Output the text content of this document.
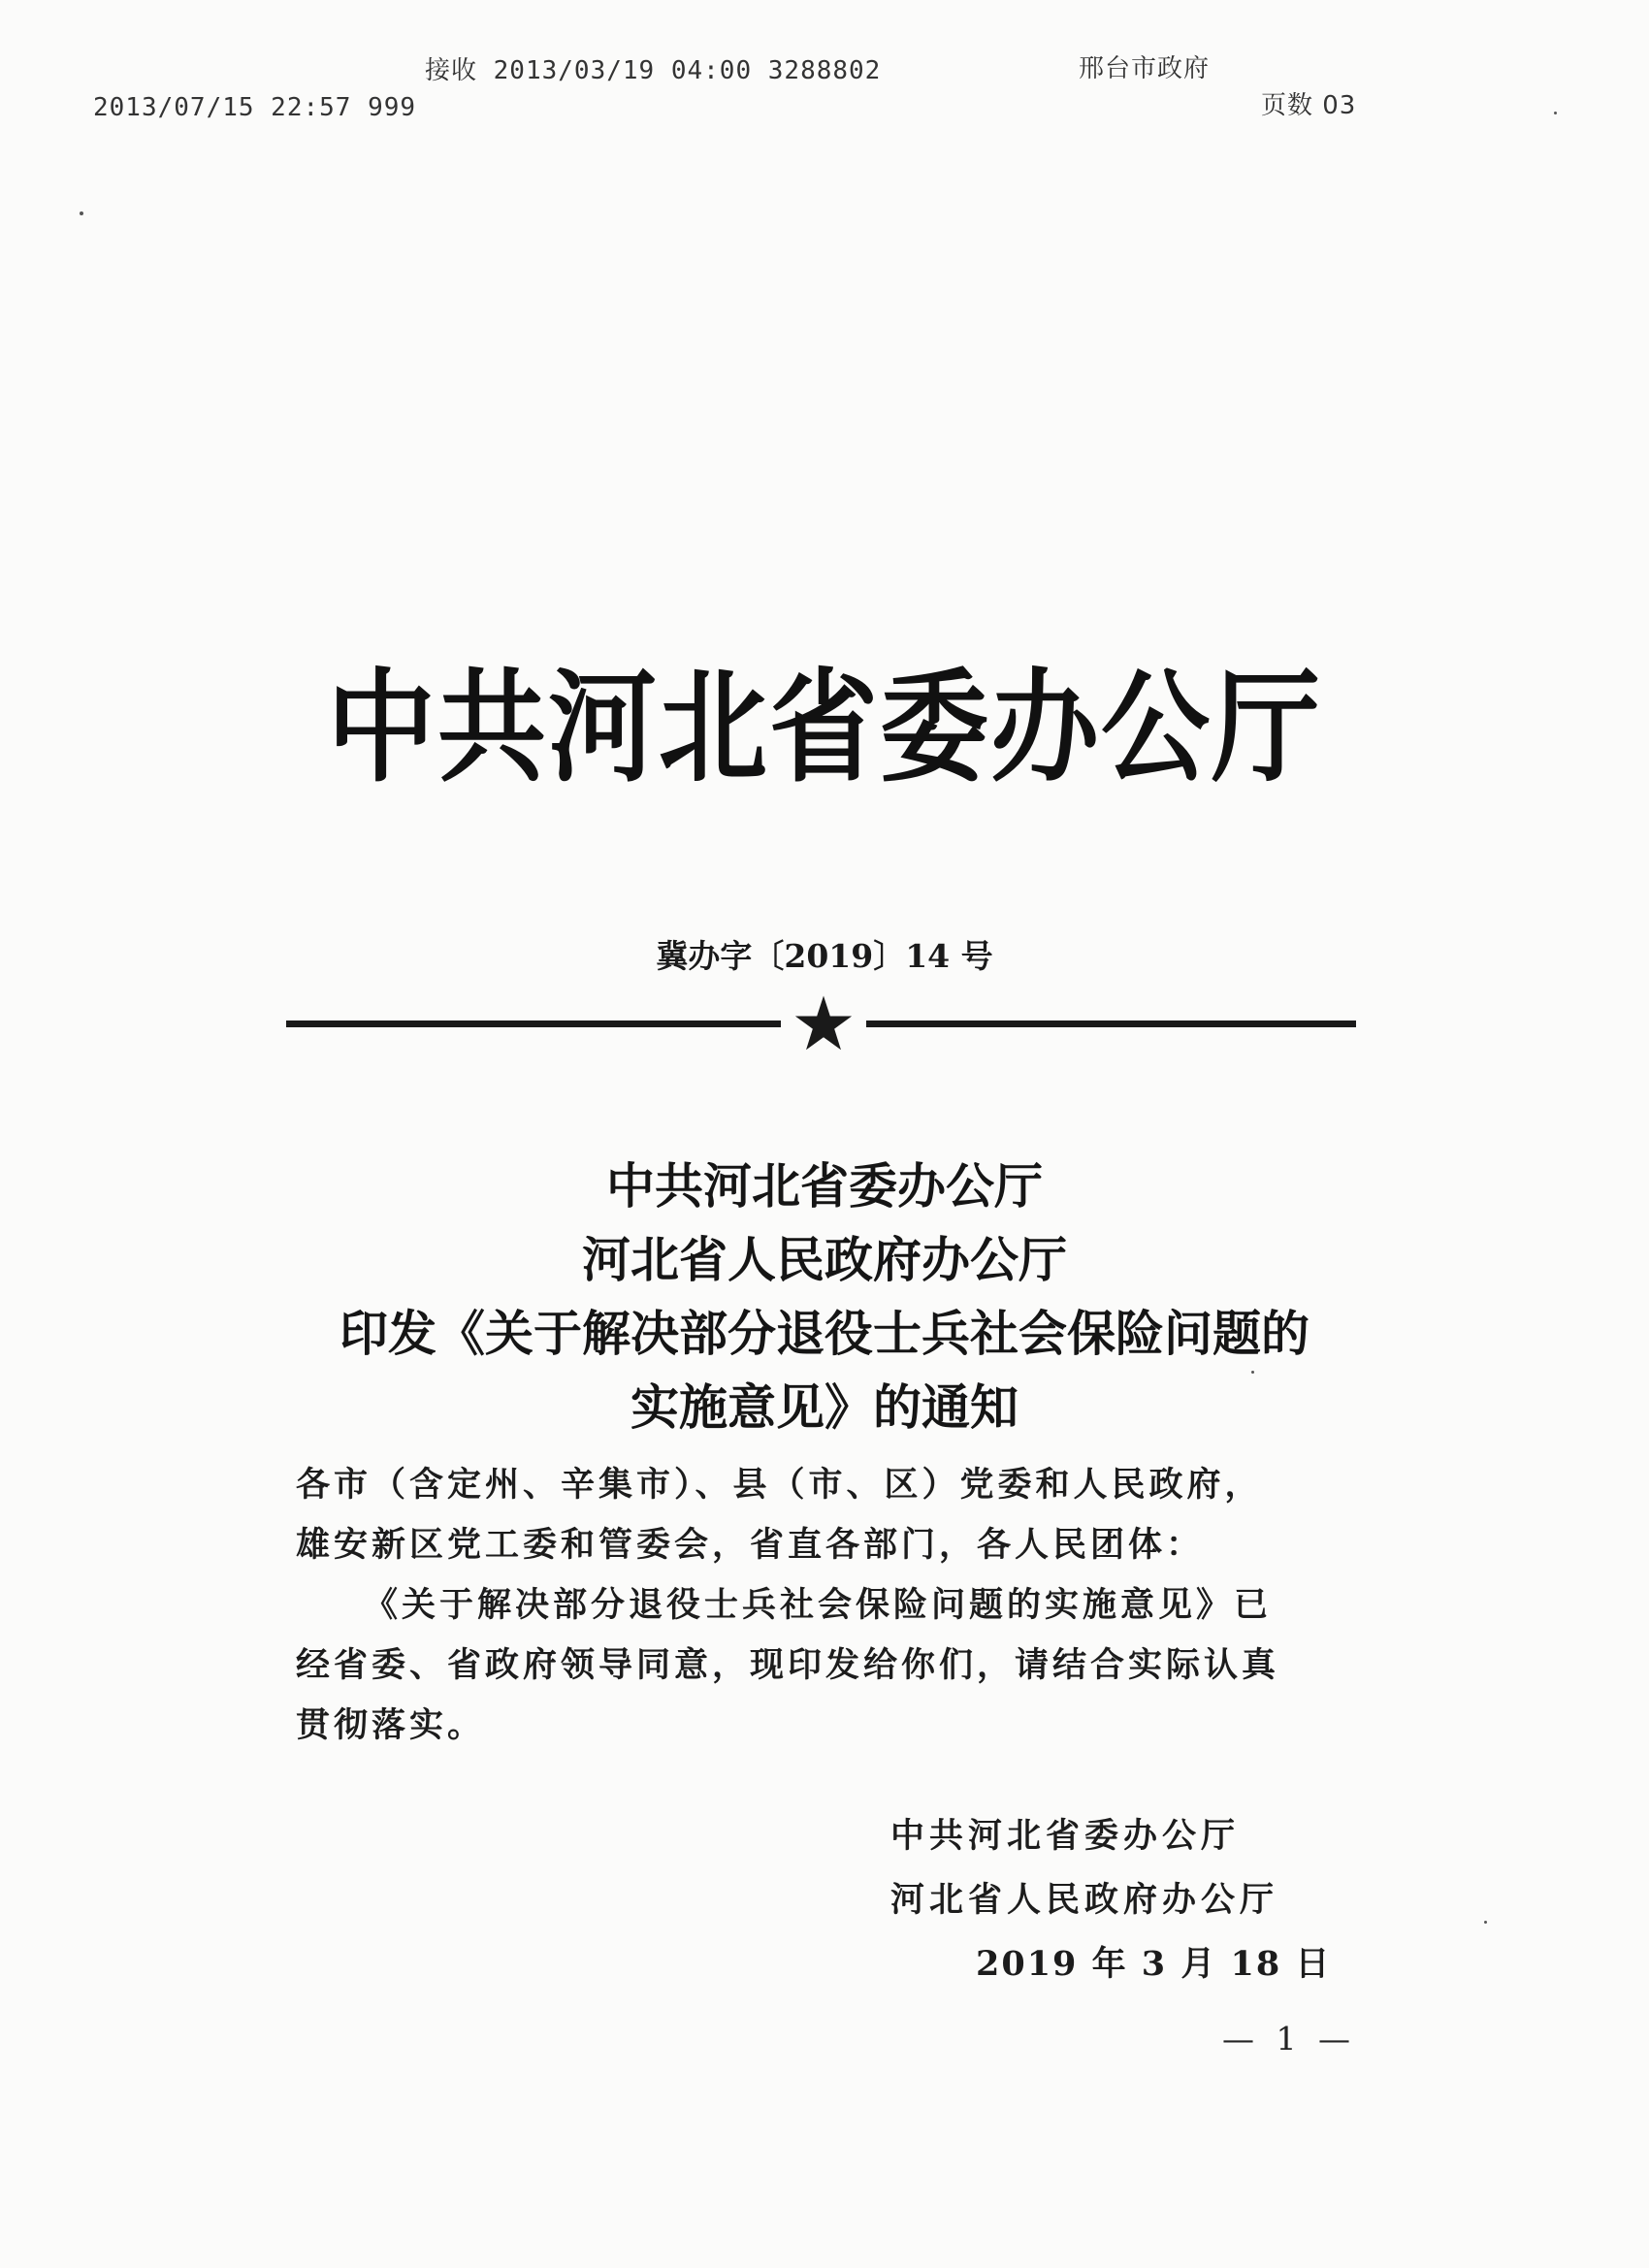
接收 2013/03/19 04:00 3288802	邢台市政府
2013/07/15 22:57 999	页数 03
中共河北省委办公厅
冀办字〔2019〕14 号
中共河北省委办公厅
河北省人民政府办公厅
印发《关于解决部分退役士兵社会保险问题的
实施意见》的通知

各市（含定州、辛集市）、县（市、区）党委和人民政府，

雄安新区党工委和管委会，省直各部门，各人民团体：

《关于解决部分退役士兵社会保险问题的实施意见》已

经省委、省政府领导同意，现印发给你们，请结合实际认真

贯彻落实。

中共河北省委办公厅
河北省人民政府办公厅
2019 年 3 月 18 日
— 1 —
